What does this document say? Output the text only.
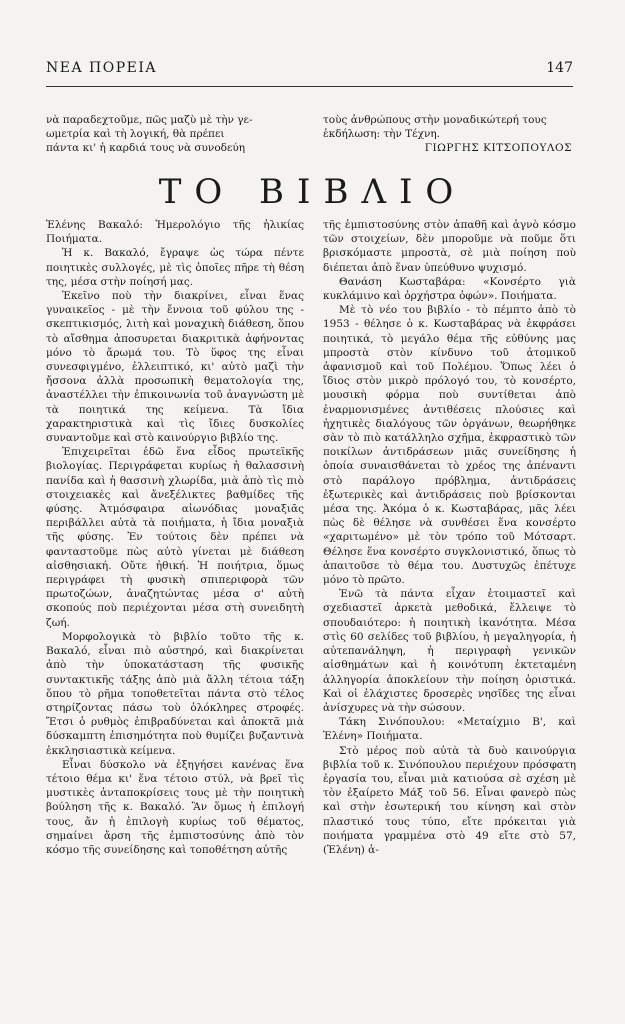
ΝΕΑ ΠΟΡΕΙΑ	147

νὰ παραδεχτοῦμε, πῶς μαζὺ μὲ τὴν γε-

ωμετρία καὶ τὴ λογική, θὰ πρέπει

πάντα κι' ἡ καρδιά τους νὰ συνοδεύη

τοὺς ἀνθρώπους στὴν μοναδικώτερή τους

ἐκδήλωση: τὴν Τέχνη.

ΓΙΩΡΓΗΣ ΚΙΤΣΟΠΟΥΛΟΣ

ΤΟ ΒΙΒΛΙΟ

Ἑλένης Βακαλό: Ἡμερολόγιο τῆς ἡλικίας Ποιήματα.

Ἡ κ. Βακαλό, ἔγραψε ὡς τώρα πέντε ποιητικὲς συλλογές, μὲ τὶς ὁποῖες πῆρε τὴ θέση της, μέσα στὴν ποίησή μας.

Ἐκεῖνο ποὺ τὴν διακρίνει, εἶναι ἕνας γυναικεῖος - μὲ τὴν ἔννοια τοῦ φύλου της - σκεπτικισμός, λιτὴ καὶ μοναχικὴ διάθεση, ὅπου τὸ αἴσθημα ἀποσυρεται διακριτικὰ ἀφήνοντας μόνο τὸ ἄρωμά του. Τὸ ὕφος της εἶναι συνεσφιγμένο, ἐλλειπτικό, κι' αὐτὸ μαζὶ τὴν ἤσσονα ἀλλὰ προσωπικὴ θεματολογία της, ἀναστέλλει τὴν ἐπικοινωνία τοῦ ἀναγνώστη μὲ τὰ ποιητικά της κείμενα. Τὰ ἴδια χαρακτηριστικὰ καὶ τὶς ἴδιες δυσκολίες συναντοῦμε καὶ στὸ καινούργιο βιβλίο της.

Ἐπιχειρεῖται ἐδῶ ἕνα εἶδος πρωτεϊκῆς βιολογίας. Περιγράφεται κυρίως ἡ θαλασσινὴ πανίδα καὶ ἡ θασσινὴ χλωρίδα, μιὰ ἀπὸ τὶς πιὸ στοιχειακὲς καὶ ἄνεξέλικτες βαθμίδες τῆς φύσης. Ἀτμόσφαιρα αἰωνόδιας μοναξιᾶς περιβάλλει αὐτὰ τὰ ποιήματα, ἡ ἴδια μοναξιὰ τῆς φύσης. Ἐν τούτοις δὲν πρέπει νὰ φανταστοῦμε πὼς αὐτὸ γίνεται μὲ διάθεση αἰσθησιακή. Οὔτε ἠθική. Ἡ ποιήτρια, ὅμως περιγράφει τὴ φυσικὴ σπιπεριφορὰ τῶν πρωτοζώων, ἀναζητώντας μέσα σ' αὐτὴ σκοπούς ποὺ περιέχονται μέσα στὴ συνειδητὴ ζωή.

Μορφολογικὰ τὸ βιβλίο τοῦτο τῆς κ. Βακαλό, εἶναι πιὸ αὐστηρό, καὶ διακρίνεται ἀπὸ τὴν ὑποκατάσταση τῆς φυσικῆς συντακτικῆς τάξης ἀπὸ μιὰ ἄλλη τέτοια τάξη ὅπου τὸ ρῆμα τοποθετεῖται πάντα στὸ τέλος στηρίζοντας πάσω τοὺ ὁλόκληρες στροφές. Ἔτσι ὁ ρυθμὸς ἐπιβραδύνεται καὶ ἀποκτᾶ μιὰ δύσκαμπτη ἐπισημότητα ποὺ θυμίζει βυζαντινὰ ἐκκλησιαστικὰ κείμενα.

Εἶναι δύσκολο νὰ ἐξηγήσει κανένας ἕνα τέτοιο θέμα κι' ἕνα τέτοιο στύλ, νὰ βρεῖ τὶς μυστικὲς ἀνταποκρίσεις τους μὲ τὴν ποιητικὴ βούληση τῆς κ. Βακαλό. Ἂν ὅμως ἡ ἐπιλογή τους, ἄν ἡ ἐπιλογὴ κυρίως τοῦ θέματος, σημαίνει ἄρση τῆς ἐμπιστοσύνης ἀπὸ τὸν κόσμο τῆς συνείδησης καὶ τοποθέτηση αὐτῆς

τῆς ἐμπιστοσύνης στὸν ἀπαθῆ καὶ ἁγνὸ κόσμο τῶν στοιχείων, δὲν μποροῦμε νὰ ποῦμε ὅτι βρισκόμαστε μπροστὰ, σὲ μιὰ ποίηση ποὺ διέπεται ἀπὸ ἕναν ὑπεύθυνο ψυχισμό.

Θανάση Κωσταβάρα: «Κονσέρτο γιὰ κυκλάμινο καὶ ὀρχήστρα ὀφών». Ποιήματα.

Μὲ τὸ νέο του βιβλίο - τὸ πέμπτο ἀπὸ τὸ 1953 - θέλησε ὁ κ. Κωσταβάρας νὰ ἐκφράσει ποιητικά, τὸ μεγάλο θέμα τῆς εὐθύνης μας μπροστὰ στὸν κίνδυνο τοῦ ἀτομικοῦ ἀφανισμοῦ καὶ τοῦ Πολέμου. Ὅπως λέει ὁ ἴδιος στὸν μικρὸ πρόλογό του, τὸ κονσέρτο, μουσικὴ φόρμα ποὺ συντίθεται ἀπὸ ἐναρμονισμένες ἀντιθέσεις πλούσιες καὶ ἠχητικὲς διαλόγους τῶν ὀργάνων, θεωρήθηκε σὰν τὸ πιὸ κατάλληλο σχῆμα, ἐκφραστικὸ τῶν ποικίλων ἀντιδράσεων μιᾶς συνείδησης ἡ ὁποία συναισθάνεται τὸ χρέος της ἀπέναντι στὸ παράλογο πρόβλημα, ἀντιδράσεις ἐξωτερικὲς καὶ ἀντιδράσεις ποὺ βρίσκονται μέσα της. Ἀκόμα ὁ κ. Κωσταβάρας, μᾶς λέει πὼς δὲ θέλησε νὰ συνθέσει ἕνα κονσέρτο «χαριτωμένο» μὲ τὸν τρόπο τοῦ Μότσαρτ. Θέλησε ἕνα κονσέρτο συγκλονιστικό, ὅπως τὸ ἀπαιτοῦσε τὸ θέμα του. Δυστυχῶς ἐπέτυχε μόνο τὸ πρῶτο.

Ἐνῶ τὰ πάντα εἶχαν ἑτοιμαστεῖ καὶ σχεδιαστεῖ ἀρκετὰ μεθοδικά, ἔλλειψε τὸ σπουδαιότερο: ἡ ποιητικὴ ἱκανότητα. Μέσα στὶς 60 σελίδες τοῦ βιβλίου, ἡ μεγαληγορία, ἡ αὐτεπανάληψη, ἡ περιγραφὴ γενικῶν αἰσθημάτων καὶ ἡ κοινότυπη ἐκτεταμένη ἀλληγορία ἀποκλείουν τὴν ποίηση ὁριστικά. Καὶ οἱ ἐλάχιστες δροσερὲς νησῖδες της εἶναι ἀνίσχυρες νὰ τὴν σώσουν.

Τάκη Σινόπουλου: «Μεταίχμιο Β', καὶ Ἑλένη» Ποιήματα.

Στὸ μέρος ποὺ αὐτὰ τὰ δυὸ καινούργια βιβλία τοῦ κ. Σινόπουλου περιέχουν πρόσφατη ἐργασία του, εἶναι μιὰ κατιούσα σὲ σχέση μὲ τὸν ἐξαίρετο Μάξ τοῦ 56. Εἶναι φανερὸ πὼς καὶ στὴν ἐσωτερική του κίνηση καὶ στὸν πλαστικό τους τύπο, εἴτε πρόκειται γιὰ ποιήματα γραμμένα στὸ 49 εἴτε στὸ 57, (Ἑλένη) ἀ-
